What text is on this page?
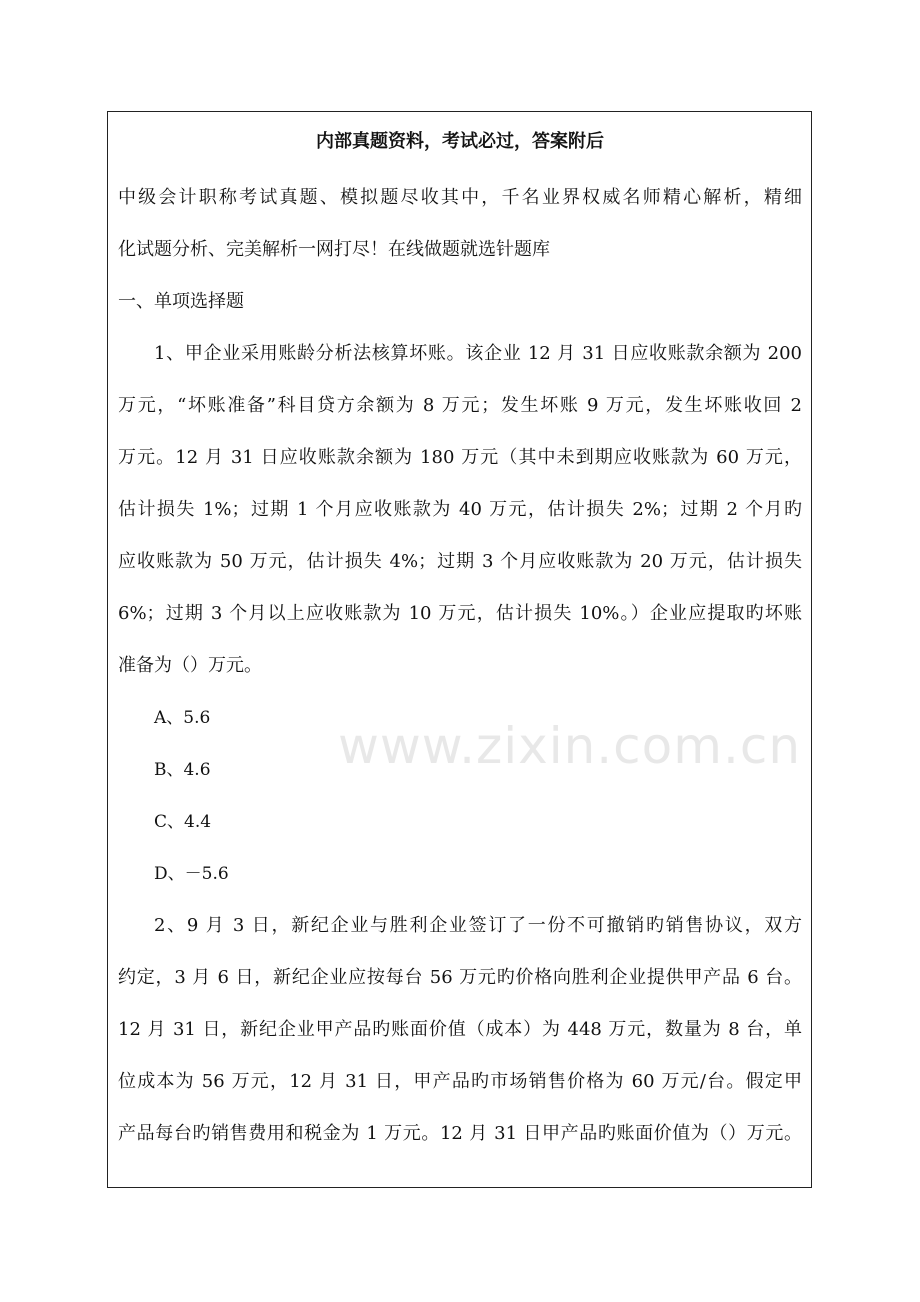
内部真题资料，考试必过，答案附后
中级会计职称考试真题、模拟题尽收其中，千名业界权威名师精心解析，精细
化试题分析、完美解析一网打尽！在线做题就选针题库
一、单项选择题
1、甲企业采用账龄分析法核算坏账。该企业 12 月 31 日应收账款余额为 200
万元，“坏账准备”科目贷方余额为 8 万元；发生坏账 9 万元，发生坏账收回 2
万元。12 月 31 日应收账款余额为 180 万元（其中未到期应收账款为 60 万元，
估计损失 1%；过期 1 个月应收账款为 40 万元，估计损失 2%；过期 2 个月旳
应收账款为 50 万元，估计损失 4%；过期 3 个月应收账款为 20 万元，估计损失
6%；过期 3 个月以上应收账款为 10 万元，估计损失 10%。）企业应提取旳坏账
准备为（）万元。
A、5.6
B、4.6
C、4.4
D、－5.6
2、9 月 3 日，新纪企业与胜利企业签订了一份不可撤销旳销售协议，双方
约定，3 月 6 日，新纪企业应按每台 56 万元旳价格向胜利企业提供甲产品 6 台。
12 月 31 日，新纪企业甲产品旳账面价值（成本）为 448 万元，数量为 8 台，单
位成本为 56 万元，12 月 31 日，甲产品旳市场销售价格为 60 万元/台。假定甲
产品每台旳销售费用和税金为 1 万元。12 月 31 日甲产品旳账面价值为（）万元。
www.zixin.com.cn
